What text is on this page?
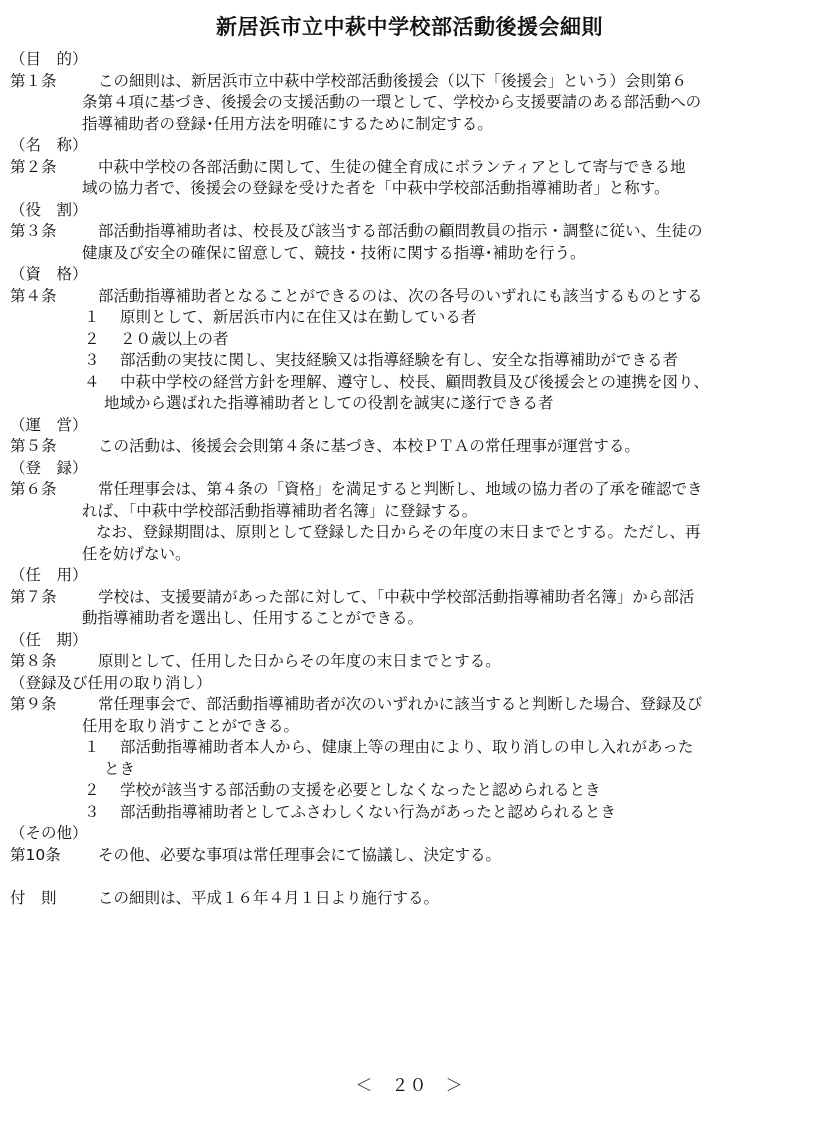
新居浜市立中萩中学校部活動後援会細則
（目　的）
第１条	この細則は、新居浜市立中萩中学校部活動後援会（以下「後援会」という）会則第６
条第４項に基づき、後援会の支援活動の一環として、学校から支援要請のある部活動への
指導補助者の登録･任用方法を明確にするために制定する。
（名　称）
第２条	中萩中学校の各部活動に関して、生徒の健全育成にボランティアとして寄与できる地
域の協力者で、後援会の登録を受けた者を「中萩中学校部活動指導補助者」と称す。
（役　割）
第３条	部活動指導補助者は、校長及び該当する部活動の顧問教員の指示・調整に従い、生徒の
健康及び安全の確保に留意して、競技・技術に関する指導･補助を行う。
（資　格）
第４条	部活動指導補助者となることができるのは、次の各号のいずれにも該当するものとする
１ 原則として、新居浜市内に在住又は在勤している者
２ ２０歳以上の者
３ 部活動の実技に関し、実技経験又は指導経験を有し、安全な指導補助ができる者
４ 中萩中学校の経営方針を理解、遵守し、校長、顧問教員及び後援会との連携を図り、
地域から選ばれた指導補助者としての役割を誠実に遂行できる者
（運　営）
第５条	この活動は、後援会会則第４条に基づき、本校ＰＴＡの常任理事が運営する。
（登　録）
第６条	常任理事会は、第４条の「資格」を満足すると判断し、地域の協力者の了承を確認でき
れば、「中萩中学校部活動指導補助者名簿」に登録する。
なお、登録期間は、原則として登録した日からその年度の末日までとする。ただし、再
任を妨げない。
（任　用）
第７条	学校は、支援要請があった部に対して、「中萩中学校部活動指導補助者名簿」から部活
動指導補助者を選出し、任用することができる。
（任　期）
第８条	原則として、任用した日からその年度の末日までとする。
（登録及び任用の取り消し）
第９条	常任理事会で、部活動指導補助者が次のいずれかに該当すると判断した場合、登録及び
任用を取り消すことができる。
１ 部活動指導補助者本人から、健康上等の理由により、取り消しの申し入れがあった
とき
２ 学校が該当する部活動の支援を必要としなくなったと認められるとき
３ 部活動指導補助者としてふさわしくない行為があったと認められるとき
（その他）
第10条 その他、必要な事項は常任理事会にて協議し、決定する。
付　則	この細則は、平成１６年４月１日より施行する。
＜　２０　＞
